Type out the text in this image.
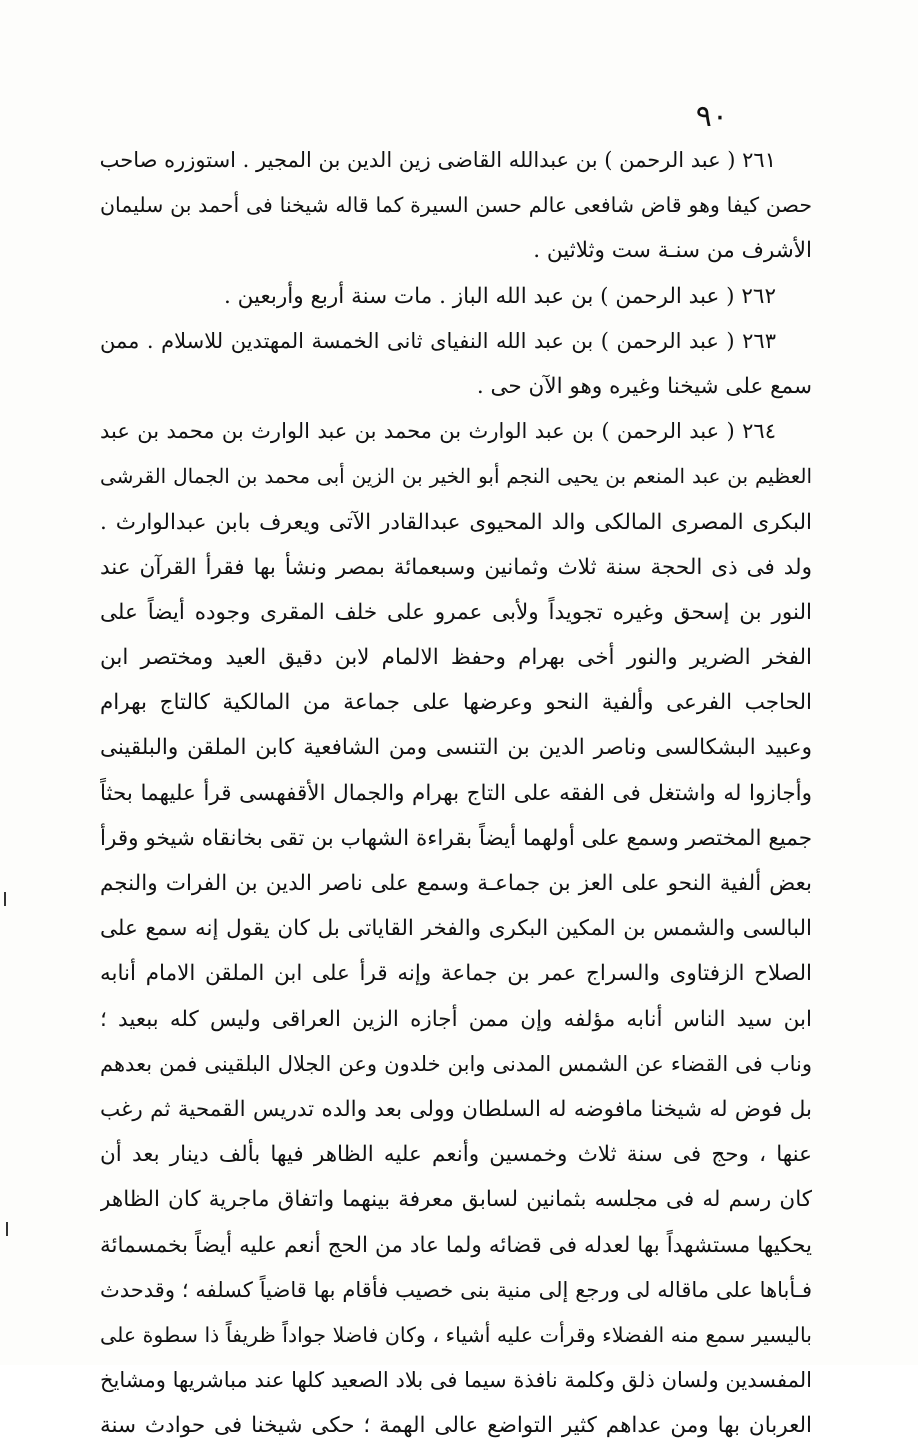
٩٠
٢٦١ ( عبد الرحمن ) بن عبدالله القاضى زين الدين بن المجير . استوزره صاحب
حصن كيفا وهو قاض شافعى عالم حسن السيرة كما قاله شيخنا فى أحمد بن سليمان
الأشرف من سنـة ست وثلاثين .
٢٦٢ ( عبد الرحمن ) بن عبد الله الباز . مات سنة أربع وأربعين .
٢٦٣ ( عبد الرحمن ) بن عبد الله النفياى ثانى الخمسة المهتدين للاسلام . ممن
سمع على شيخنا وغيره وهو الآن حى .
٢٦٤ ( عبد الرحمن ) بن عبد الوارث بن محمد بن عبد الوارث بن محمد بن عبد
العظيم بن عبد المنعم بن يحيى النجم أبو الخير بن الزين أبى محمد بن الجمال القرشى
البكرى المصرى المالكى والد المحيوى عبدالقادر الآتى ويعرف بابن عبدالوارث .
ولد فى ذى الحجة سنة ثلاث وثمانين وسبعمائة بمصر ونشأ بها فقرأ القرآن عند
النور بن إسحق وغيره تجويداً ولأبى عمرو على خلف المقرى وجوده أيضاً على
الفخر الضرير والنور أخى بهرام وحفظ الالمام لابن دقيق العيد ومختصر ابن
الحاجب الفرعى وألفية النحو وعرضها على جماعة من المالكية كالتاج بهرام
وعبيد البشكالسى وناصر الدين بن التنسى ومن الشافعية كابن الملقن والبلقينى
وأجازوا له واشتغل فى الفقه على التاج بهرام والجمال الأقفهسى قرأ عليهما بحثاً
جميع المختصر وسمع على أولهما أيضاً بقراءة الشهاب بن تقى بخانقاه شيخو وقرأ
بعض ألفية النحو على العز بن جماعـة وسمع على ناصر الدين بن الفرات والنجم
البالسى والشمس بن المكين البكرى والفخر القاياتى بل كان يقول إنه سمع على
الصلاح الزفتاوى والسراج عمر بن جماعة وإنه قرأ على ابن الملقن الامام أنابه
ابن سيد الناس أنابه مؤلفه وإن ممن أجازه الزين العراقى وليس كله ببعيد ؛
وناب فى القضاء عن الشمس المدنى وابن خلدون وعن الجلال البلقينى فمن بعدهم
بل فوض له شيخنا مافوضه له السلطان وولى بعد والده تدريس القمحية ثم رغب
عنها ، وحج فى سنة ثلاث وخمسين وأنعم عليه الظاهر فيها بألف دينار بعد أن
كان رسم له فى مجلسه بثمانين لسابق معرفة بينهما واتفاق ماجرية كان الظاهر
يحكيها مستشهداً بها لعدله فى قضائه ولما عاد من الحج أنعم عليه أيضاً بخمسمائة
فـأباها على ماقاله لى ورجع إلى منية بنى خصيب فأقام بها قاضياً كسلفه ؛ وقدحدث
باليسير سمع منه الفضلاء وقرأت عليه أشياء ، وكان فاضلا جواداً ظريفاً ذا سطوة على
المفسدين ولسان ذلق وكلمة نافذة سيما فى بلاد الصعيد كلها عند مباشريها ومشايخ
العربان بها ومن عداهم كثير التواضع عالى الهمة ؛ حكى شيخنا فى حوادث سنة
